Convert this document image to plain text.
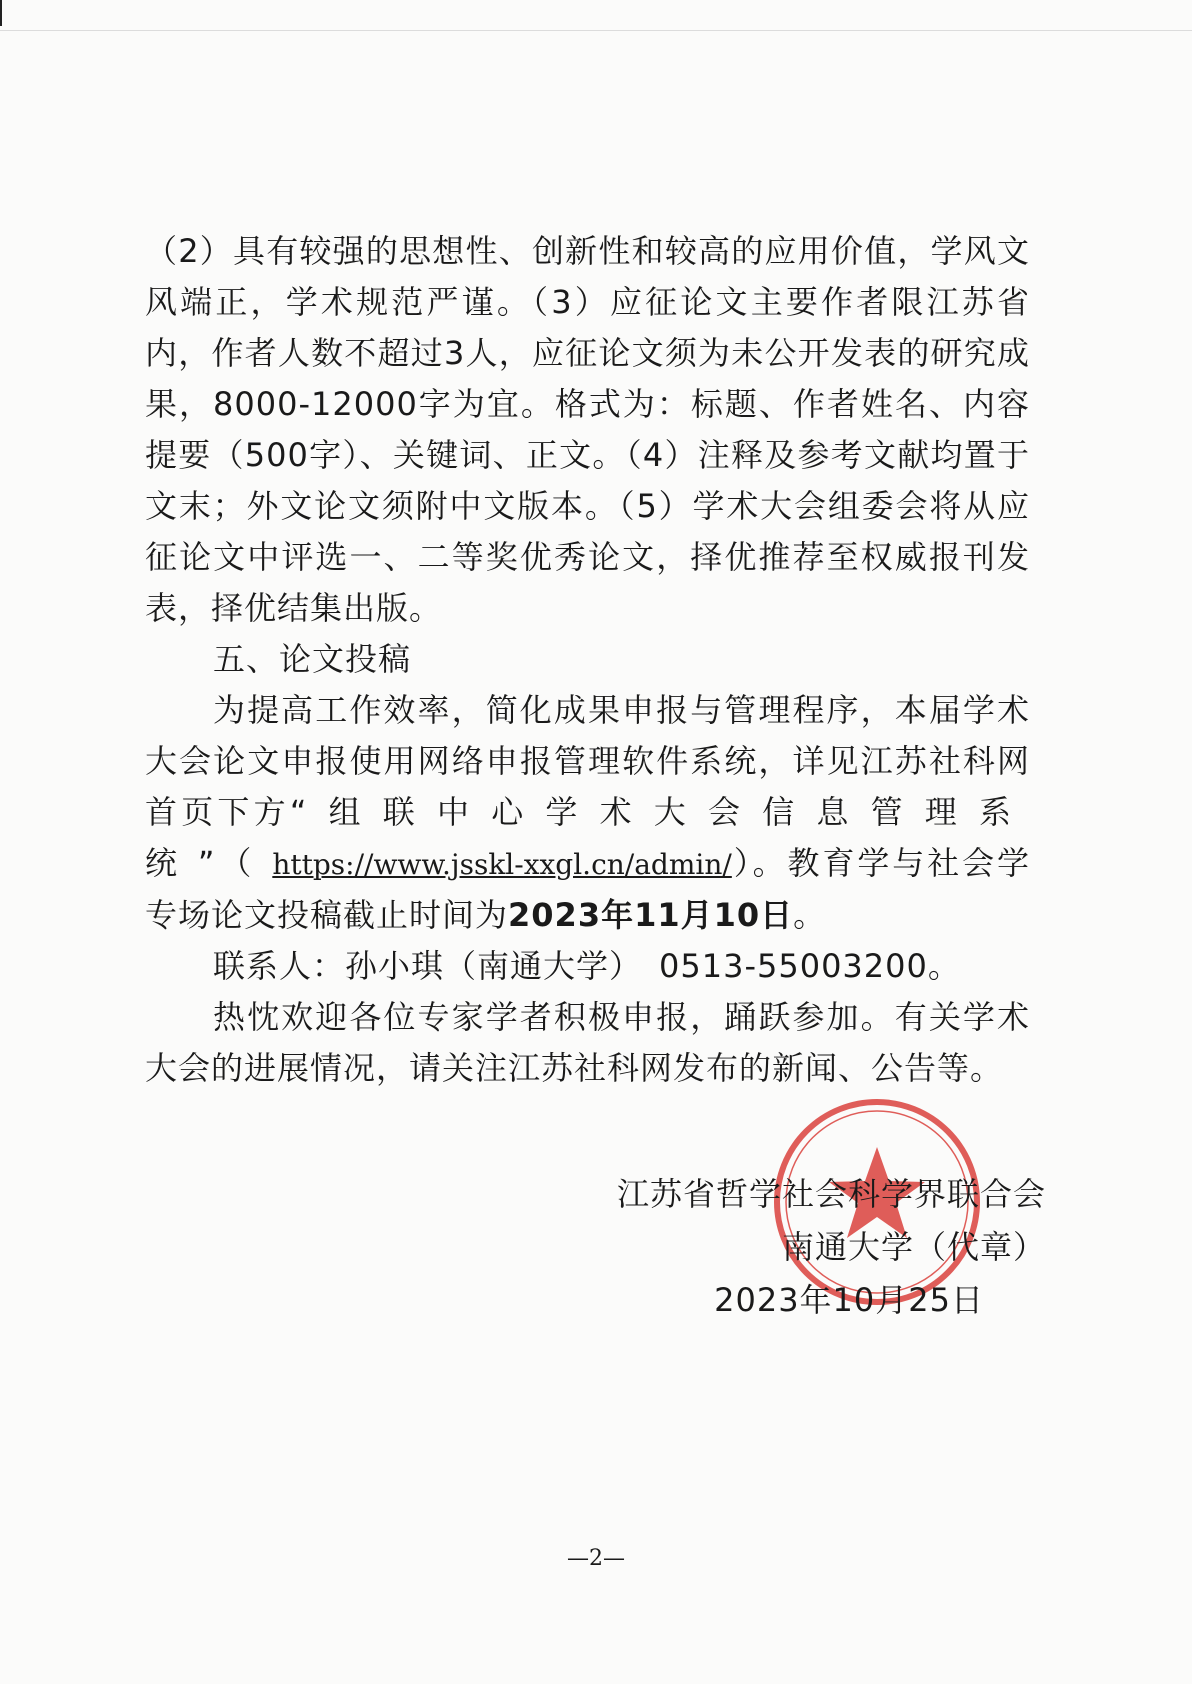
（2）具有较强的思想性、创新性和较高的应用价值，学风文风端正，学术规范严谨。（3）应征论文主要作者限江苏省内，作者人数不超过3人，应征论文须为未公开发表的研究成果，8000-12000字为宜。格式为：标题、作者姓名、内容提要（500字）、关键词、正文。（4）注释及参考文献均置于文末；外文论文须附中文版本。（5）学术大会组委会将从应征论文中评选一、二等奖优秀论文，择优推荐至权威报刊发表，择优结集出版。

五、论文投稿

为提高工作效率，简化成果申报与管理程序，本届学术大会论文申报使用网络申报管理软件系统，详见江苏社科网首页下方“组联中心学术大会信息管理系统”（https://www.jsskl-xxgl.cn/admin/）。教育学与社会学专场论文投稿截止时间为2023年11月10日。

联系人：孙小琪（南通大学）　0513-55003200。

热忱欢迎各位专家学者积极申报，踊跃参加。有关学术大会的进展情况，请关注江苏社科网发布的新闻、公告等。

江苏省哲学社会科学界联合会
南通大学（代章）
2023年10月25日
—2—
